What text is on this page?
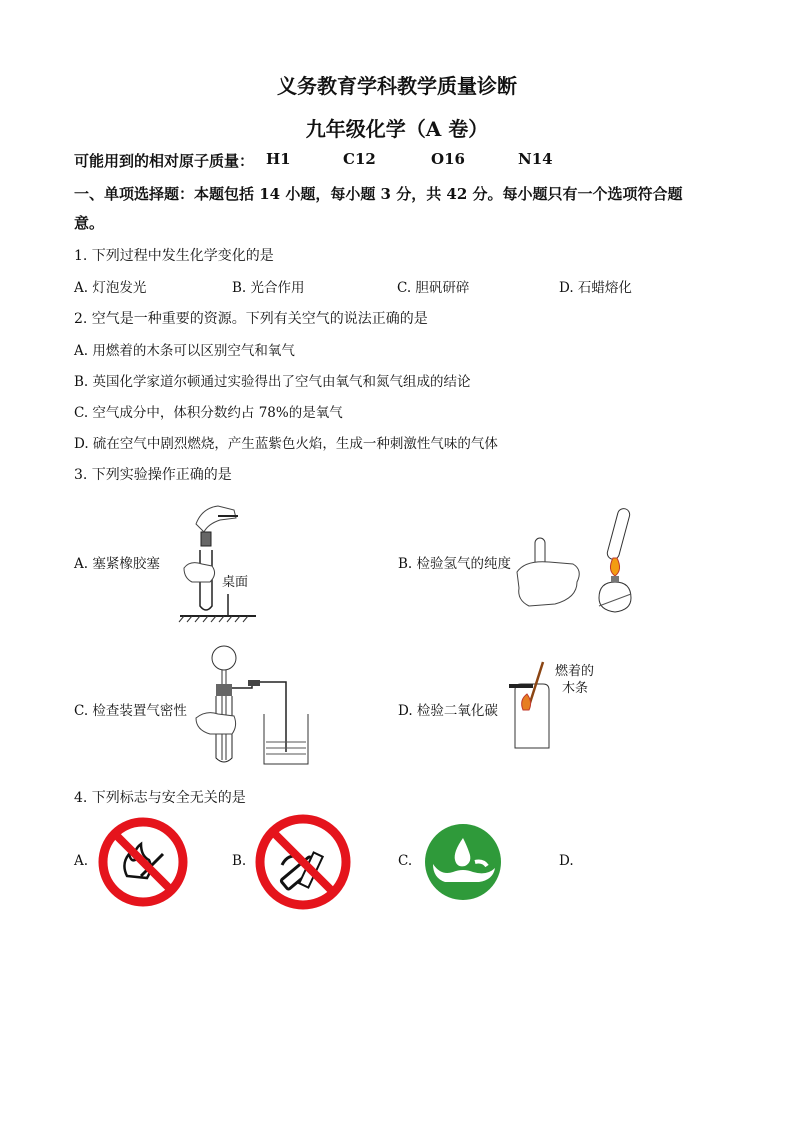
义务教育学科教学质量诊断
九年级化学（A 卷）
可能用到的相对原子质量： H1	C12	O16	N14
一、单项选择题：本题包括 14 小题，每小题 3 分，共 42 分。每小题只有一个选项符合题
意。
1. 下列过程中发生化学变化的是
A. 灯泡发光	B. 光合作用	C. 胆矾研碎	D. 石蜡熔化
2. 空气是一种重要的资源。下列有关空气的说法正确的是
A. 用燃着的木条可以区别空气和氧气
B. 英国化学家道尔顿通过实验得出了空气由氧气和氮气组成的结论
C. 空气成分中，体积分数约占 78%的是氧气
D. 硫在空气中剧烈燃烧，产生蓝紫色火焰，生成一种刺激性气味的气体
3. 下列实验操作正确的是
A. 塞紧橡胶塞
桌面
B. 检验氢气的纯度
C. 检查装置气密性	D. 检验二氧化碳
燃着的
木条
4. 下列标志与安全无关的是
A.	B.	C.	D.
